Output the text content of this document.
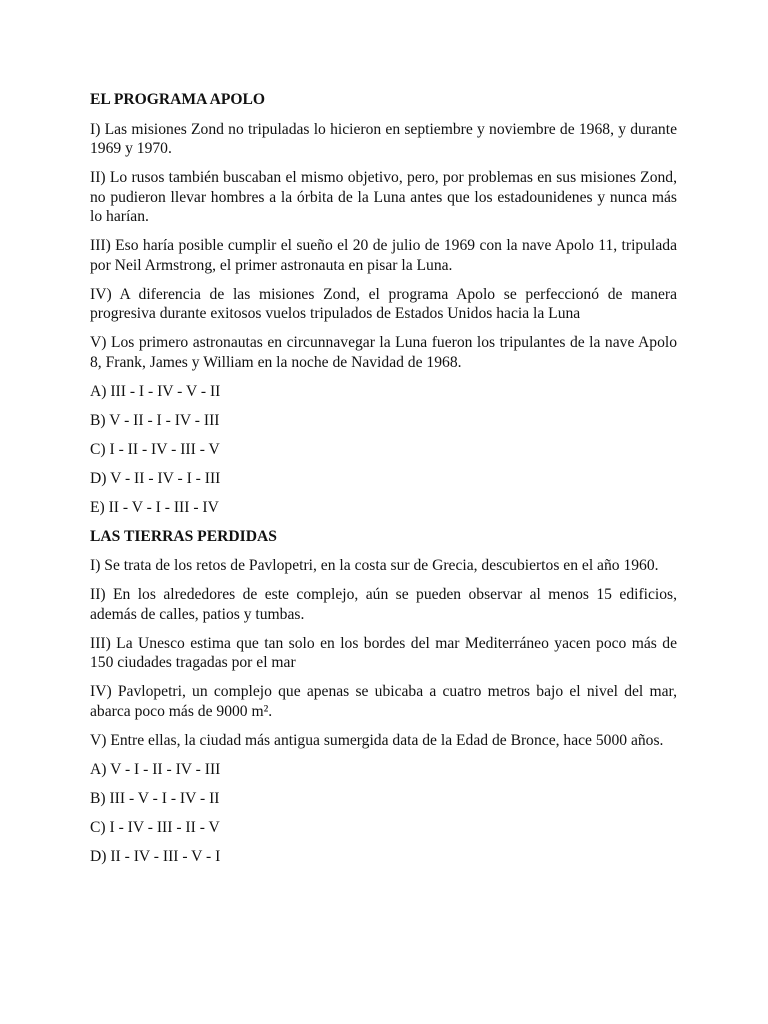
EL PROGRAMA APOLO

I) Las misiones Zond no tripuladas lo hicieron en septiembre y noviembre de 1968, y durante 1969 y 1970.

II) Lo rusos también buscaban el mismo objetivo, pero, por problemas en sus misiones Zond, no pudieron llevar hombres a la órbita de la Luna antes que los estadounidenes y nunca más lo harían.

III) Eso haría posible cumplir el sueño el 20 de julio de 1969 con la nave Apolo 11, tripulada por Neil Armstrong, el primer astronauta en pisar la Luna.

IV) A diferencia de las misiones Zond, el programa Apolo se perfeccionó de manera progresiva durante exitosos vuelos tripulados de Estados Unidos hacia la Luna

V) Los primero astronautas en circunnavegar la Luna fueron los tripulantes de la nave Apolo 8, Frank, James y William en la noche de Navidad de 1968.

A) III - I - IV - V - II

B) V - II - I - IV - III

C) I - II - IV - III - V

D) V - II - IV - I - III

E) II - V - I - III - IV

LAS TIERRAS PERDIDAS

I) Se trata de los retos de Pavlopetri, en la costa sur de Grecia, descubiertos en el año 1960.

II) En los alrededores de este complejo, aún se pueden observar al menos 15 edificios, además de calles, patios y tumbas.

III) La Unesco estima que tan solo en los bordes del mar Mediterráneo yacen poco más de 150 ciudades tragadas por el mar

IV) Pavlopetri, un complejo que apenas se ubicaba a cuatro metros bajo el nivel del mar, abarca poco más de 9000 m².

V) Entre ellas, la ciudad más antigua sumergida data de la Edad de Bronce, hace 5000 años.

A) V - I - II - IV - III

B) III - V - I - IV - II

C) I - IV - III - II - V

D) II - IV - III - V - I
